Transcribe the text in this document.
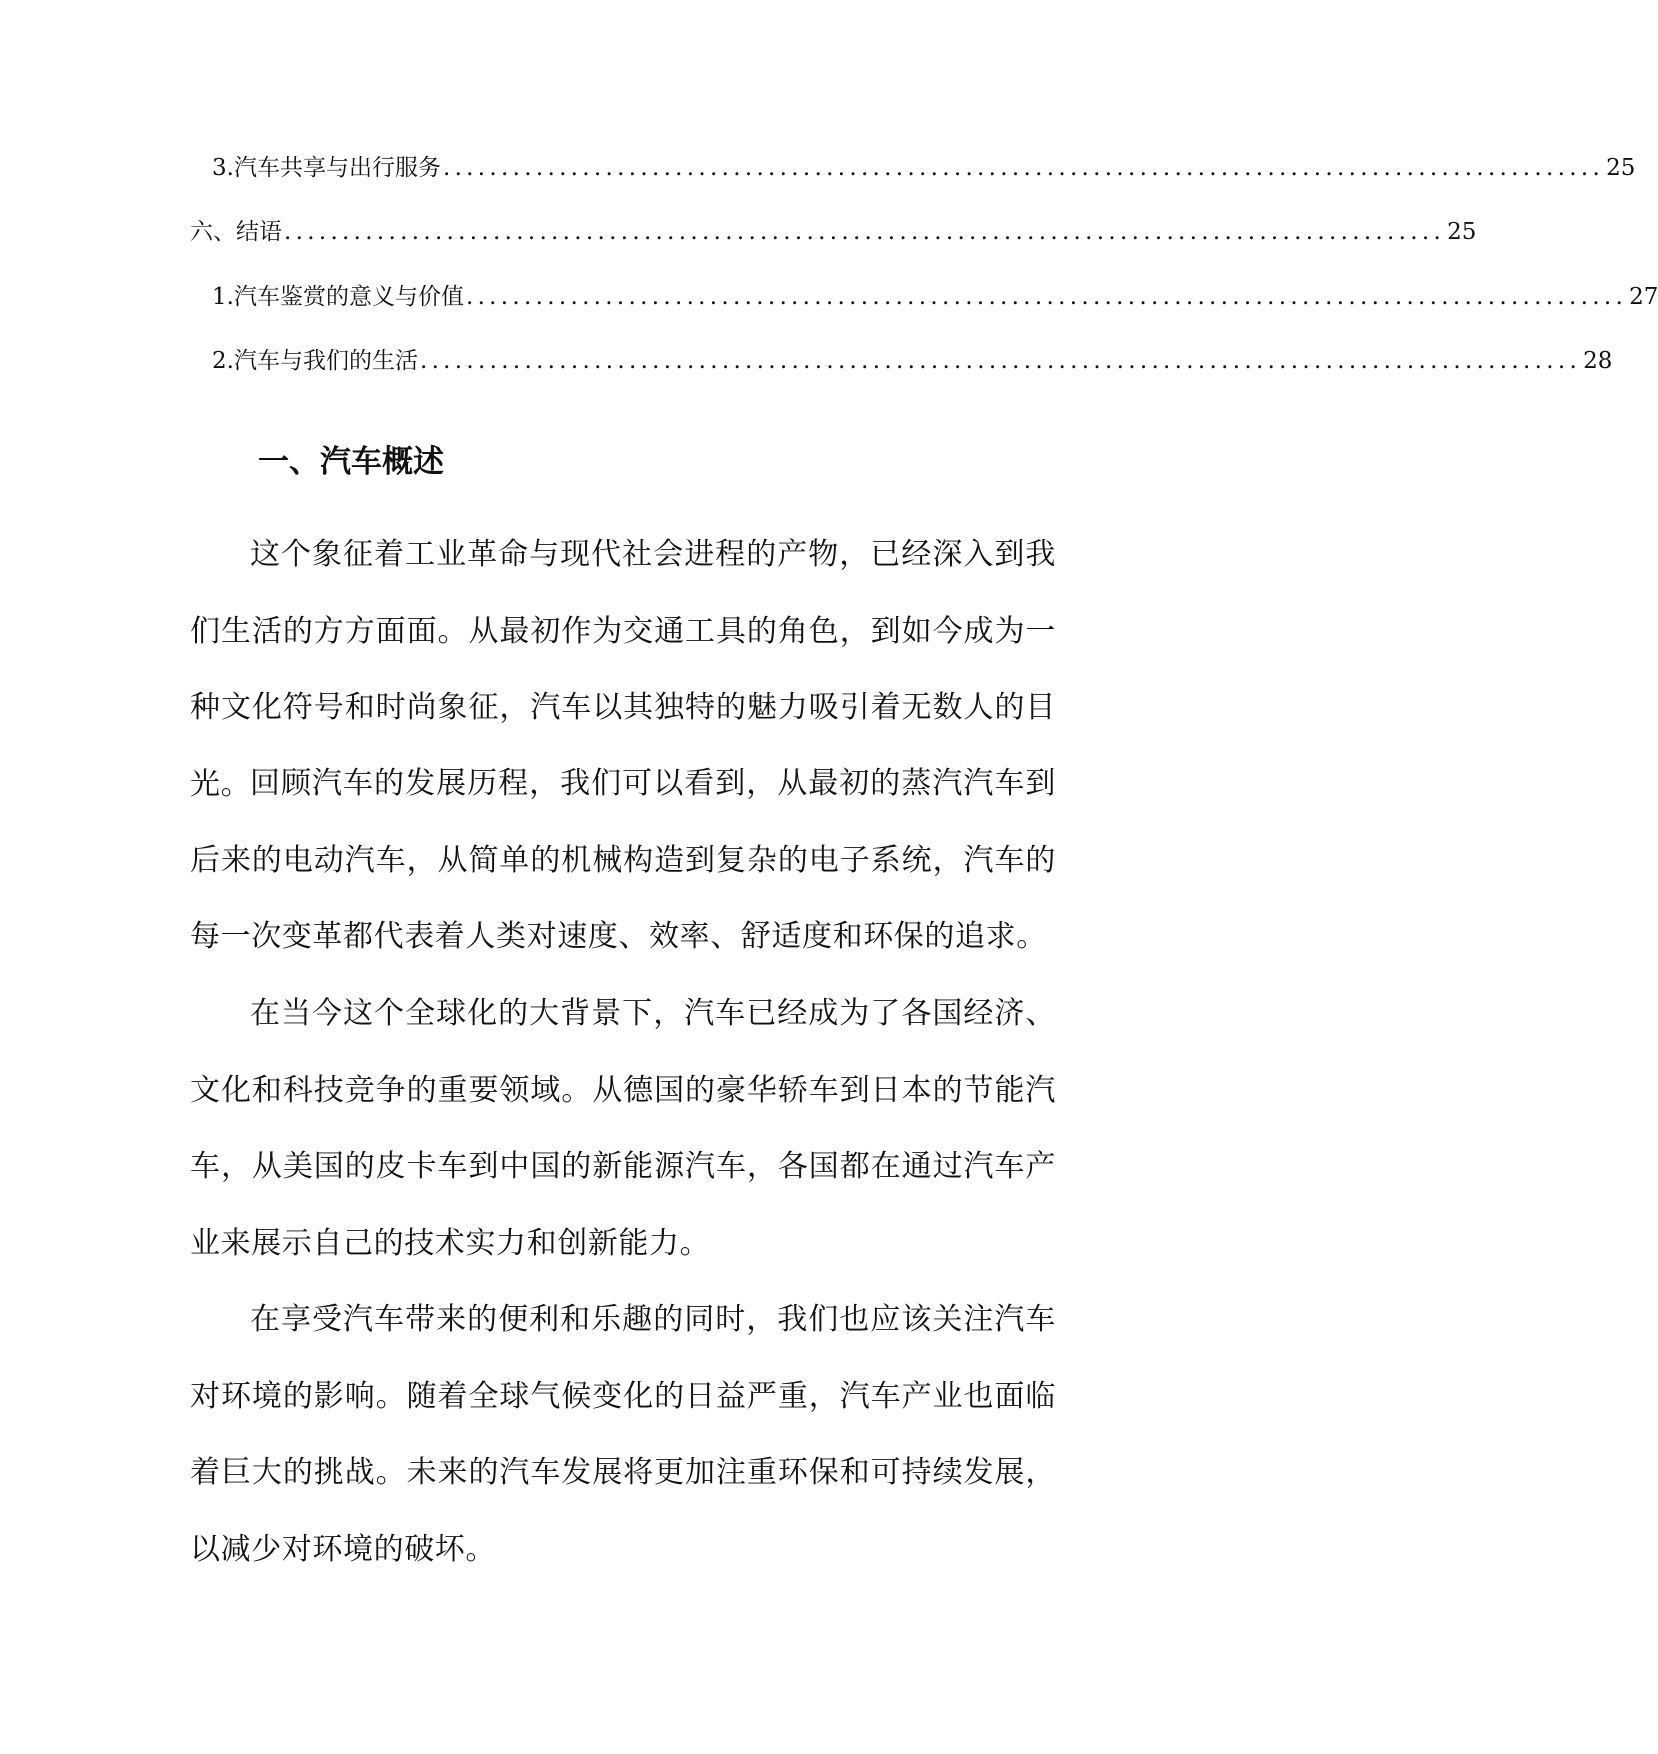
3. 汽车共享与出行服务 .................................................................................................... 25
六、结语 .................................................................................................... 25
1. 汽车鉴赏的意义与价值 .................................................................................................... 27
2. 汽车与我们的生活 .................................................................................................... 28
一、汽车概述

这个象征着工业革命与现代社会进程的产物，已经深入到我们生活的方方面面。从最初作为交通工具的角色，到如今成为一种文化符号和时尚象征，汽车以其独特的魅力吸引着无数人的目光。

回顾汽车的发展历程，我们可以看到，从最初的蒸汽汽车到后来的电动汽车，从简单的机械构造到复杂的电子系统，汽车的每一次变革都代表着人类对速度、效率、舒适度和环保的追求。

在当今这个全球化的大背景下，汽车已经成为了各国经济、文化和科技竞争的重要领域。从德国的豪华轿车到日本的节能汽车，从美国的皮卡车到中国的新能源汽车，各国都在通过汽车产业来展示自己的技术实力和创新能力。

在享受汽车带来的便利和乐趣的同时，我们也应该关注汽车对环境的影响。随着全球气候变化的日益严重，汽车产业也面临着巨大的挑战。未来的汽车发展将更加注重环保和可持续发展，以减少对环境的破坏。
